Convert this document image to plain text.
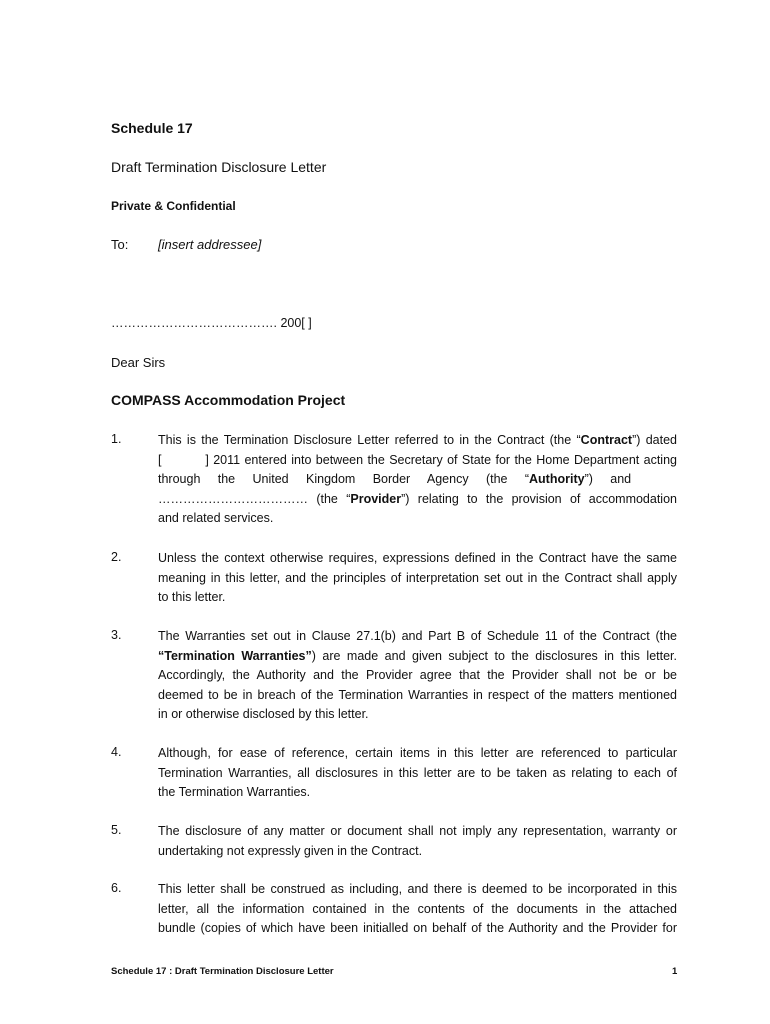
Schedule 17
Draft Termination Disclosure Letter
Private & Confidential
To: [insert addressee]
…………………………………. 200[ ]
Dear Sirs
COMPASS Accommodation Project
1.	This is the Termination Disclosure Letter referred to in the Contract (the “Contract”) dated
[          ] 2011 entered into between the Secretary of State for the Home Department acting
through     the     United     Kingdom     Border     Agency     (the     “Authority”)     and
……………………………… (the “Provider”) relating to the provision of accommodation
and related services.
2.	Unless the context otherwise requires, expressions defined in the Contract have the same
meaning in this letter, and the principles of interpretation set out in the Contract shall apply
to this letter.
3.	The Warranties set out in Clause 27.1(b) and Part B of Schedule 11 of the Contract (the
“Termination Warranties”) are made and given subject to the disclosures in this letter.
Accordingly, the Authority and the Provider agree that the Provider shall not be or be
deemed to be in breach of the Termination Warranties in respect of the matters mentioned
in or otherwise disclosed by this letter.
4.	Although, for ease of reference, certain items in this letter are referenced to particular
Termination Warranties, all disclosures in this letter are to be taken as relating to each of
the Termination Warranties.
5.	The disclosure of any matter or document shall not imply any representation, warranty or
undertaking not expressly given in the Contract.
6.	This letter shall be construed as including, and there is deemed to be incorporated in this
letter, all the information contained in the contents of the documents in the attached
bundle (copies of which have been initialled on behalf of the Authority and the Provider for
Schedule 17 : Draft Termination Disclosure Letter	1
